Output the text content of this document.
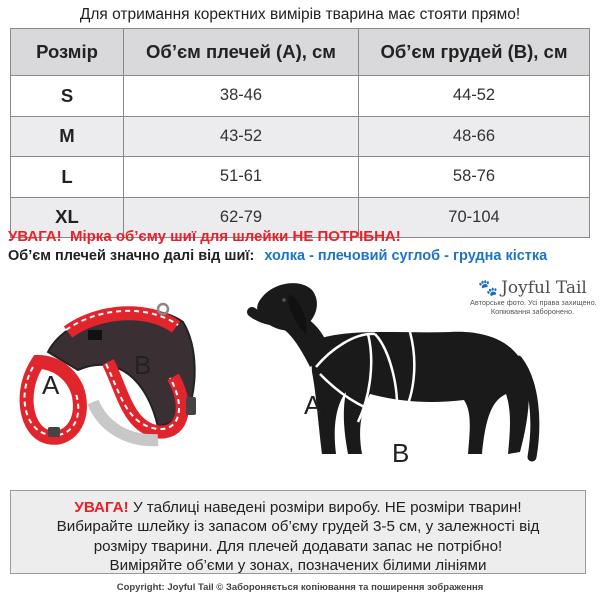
Для отримання коректних вимірів тварина має стояти прямо!
Розмір	Об’єм плечей (А), см	Об’єм грудей (В), см
S	38-46	44-52
M	43-52	48-66
L	51-61	58-76
XL	62-79	70-104
УВАГА! Мірка об’єму шиї для шлейки НЕ ПОТРІБНА!
Об’єм плечей значно далі від шиї: холка - плечовий суглоб - грудна кістка
A
B
A
B
🐾 Joyful Tail
Авторське фото. Усі права захищено.
Копіювання заборонено.
УВАГА! У таблиці наведені розміри виробу. НЕ розміри тварин!
Вибирайте шлейку із запасом об’єму грудей 3-5 см, у залежності від
розміру тварини. Для плечей додавати запас не потрібно!
Виміряйте об’єми у зонах, позначених білими лініями
Copyright: Joyful Tail © Забороняється копіювання та поширення зображення
